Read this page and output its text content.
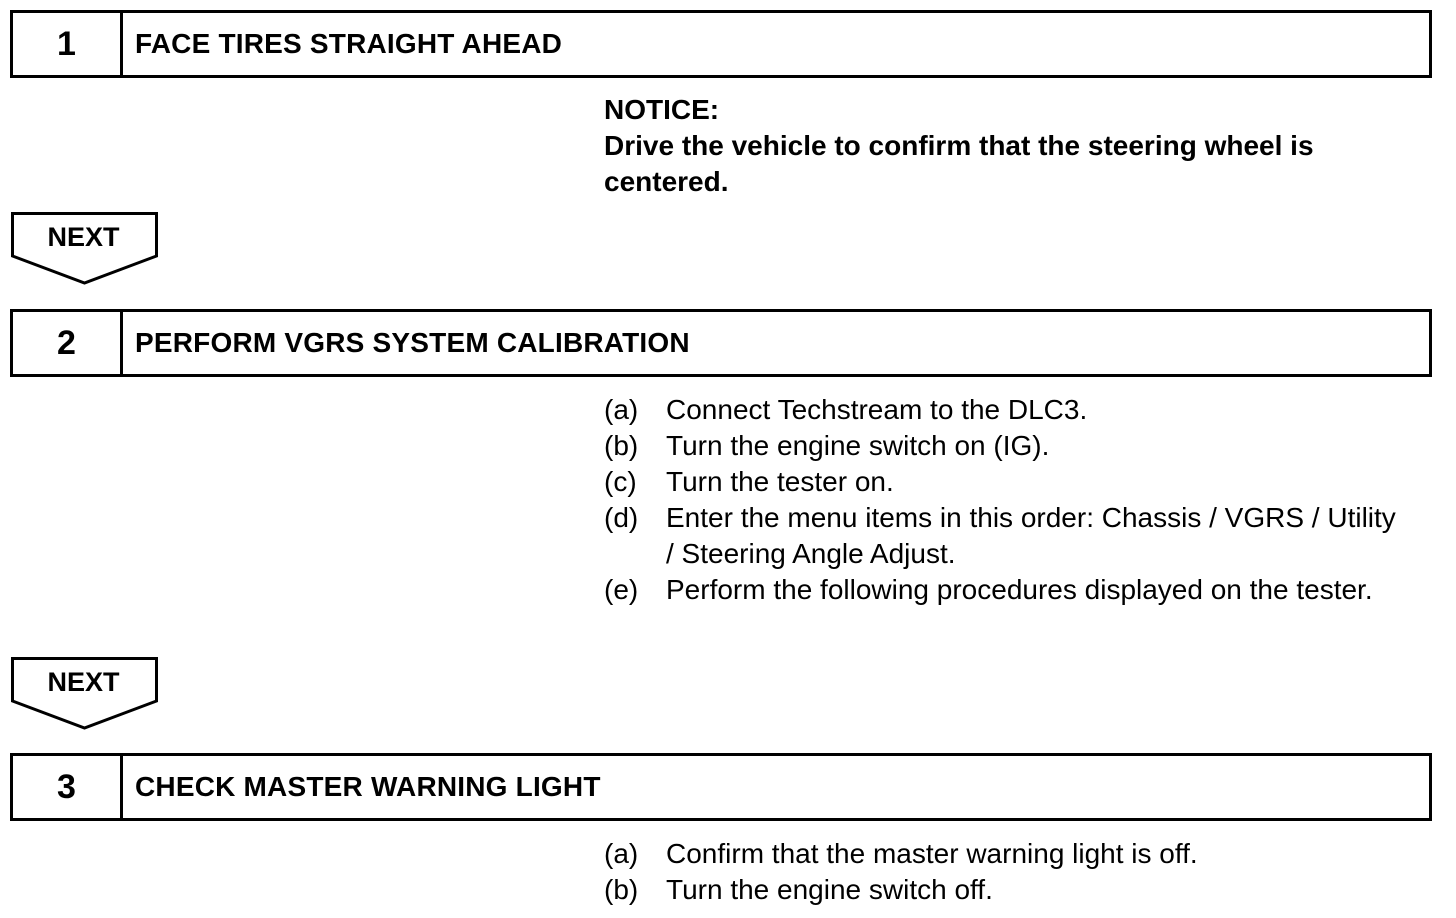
1	FACE TIRES STRAIGHT AHEAD
NOTICE:
Drive the vehicle to confirm that the steering wheel is centered.
NEXT
2	PERFORM VGRS SYSTEM CALIBRATION
(a) Connect Techstream to the DLC3.
(b) Turn the engine switch on (IG).
(c)	Turn the tester on.
(d) Enter the menu items in this order: Chassis / VGRS / Utility / Steering Angle Adjust.
(e) Perform the following procedures displayed on the tester.
NEXT
3	CHECK MASTER WARNING LIGHT
(a) Confirm that the master warning light is off.
(b) Turn the engine switch off.
